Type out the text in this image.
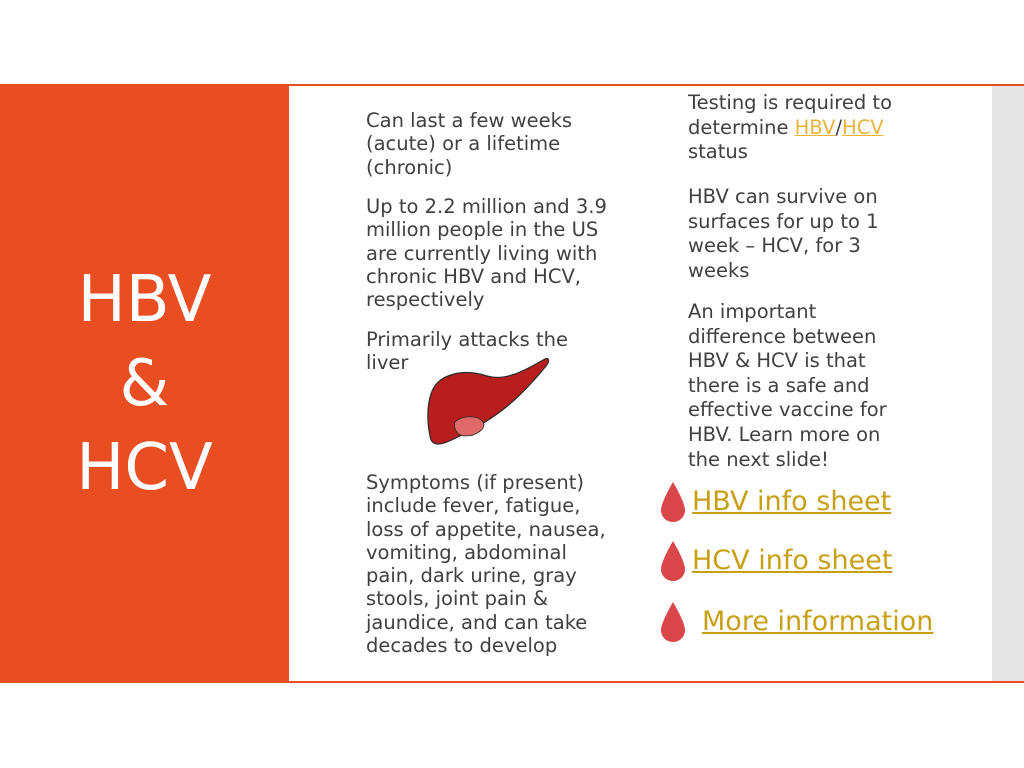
HBV
&
HCV
Can last a few weeks
(acute) or a lifetime
(chronic)
Up to 2.2 million and 3.9
million people in the US
are currently living with
chronic HBV and HCV,
respectively
Primarily attacks the
liver
Symptoms (if present)
include fever, fatigue,
loss of appetite, nausea,
vomiting, abdominal
pain, dark urine, gray
stools, joint pain &
jaundice, and can take
decades to develop
Testing is required to
determine HBV/HCV
status
HBV can survive on
surfaces for up to 1
week – HCV, for 3
weeks
An important
difference between
HBV & HCV is that
there is a safe and
effective vaccine for
HBV. Learn more on
the next slide!
HBV info sheet
HCV info sheet
More information
